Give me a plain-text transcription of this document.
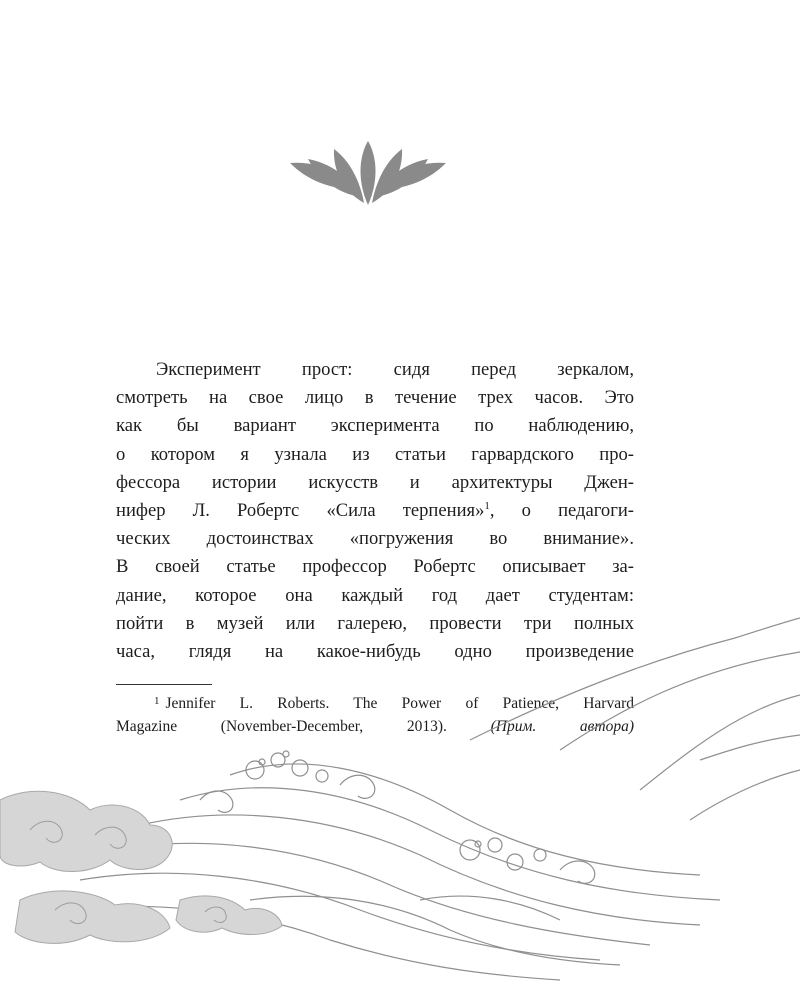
Эксперимент прост: сидя перед зеркалом,
смотреть на свое лицо в течение трех часов. Это
как бы вариант эксперимента по наблюдению,
о котором я узнала из статьи гарвардского про-
фессора истории искусств и архитектуры Джен-
нифер Л. Робертс «Сила терпения»$^1$, о педагоги-
ческих достоинствах «погружения во внимание».
В своей статье профессор Робертс описывает за-
дание, которое она каждый год дает студентам:
пойти в музей или галерею, провести три полных
часа, глядя на какое-нибудь одно произведение
$^1$ Jennifer L. Roberts. The Power of Patience, Harvard
Magazine (November-December, 2013). (Прим. автора)
